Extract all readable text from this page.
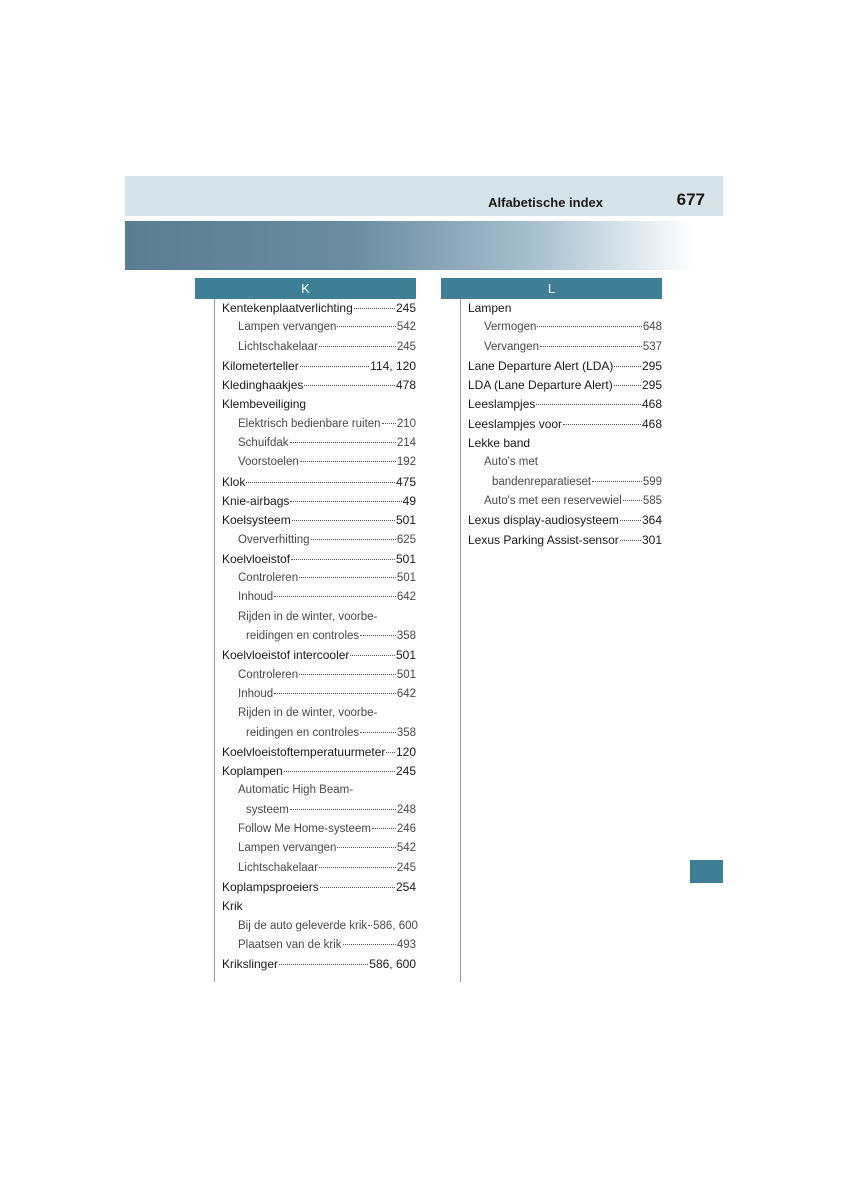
Alfabetische index	677
K	L
Kentekenplaatverlichting	245
Lampen vervangen	542
Lichtschakelaar	245
Kilometerteller	114, 120
Kledinghaakjes	478
Klembeveiliging
Elektrisch bedienbare ruiten 210
Schuifdak	214
Voorstoelen	192
Klok	475
Knie-airbags	49
Koelsysteem	501
Oververhitting	625
Koelvloeistof	501
Controleren	501
Inhoud	642
Rijden in de winter, voorbe-
reidingen en controles	358
Koelvloeistof intercooler	501
Controleren	501
Inhoud	642
Rijden in de winter, voorbe-
reidingen en controles	358
Koelvloeistoftemperatuurmeter 120
Koplampen	245
Automatic High Beam-
systeem	248
Follow Me Home-systeem 246
Lampen vervangen	542
Lichtschakelaar	245
Koplampsproeiers	254
Krik
Bij de auto geleverde krik 586, 600
Plaatsen van de krik	493
Krikslinger	586, 600
Lampen
Vermogen	648
Vervangen	537
Lane Departure Alert (LDA) 295
LDA (Lane Departure Alert) 295
Leeslampjes	468
Leeslampjes voor	468
Lekke band
Auto's met
bandenreparatieset	599
Auto's met een reservewiel 585
Lexus display-audiosysteem 364
Lexus Parking Assist-sensor 301
